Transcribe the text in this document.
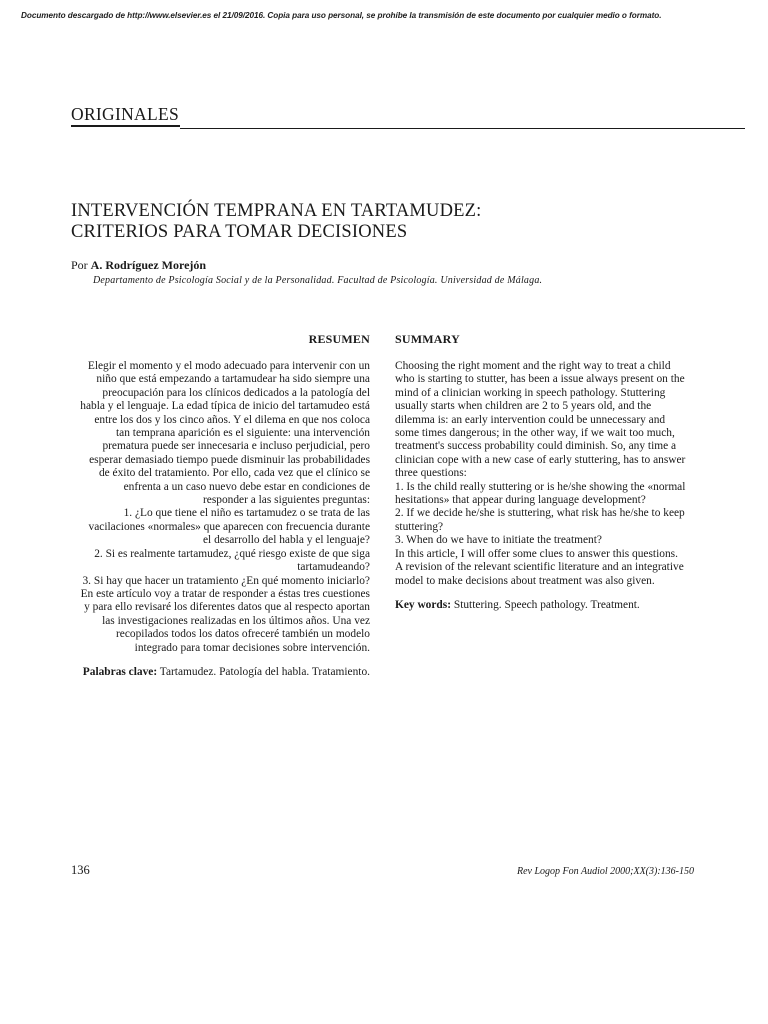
Documento descargado de http://www.elsevier.es el 21/09/2016. Copia para uso personal, se prohíbe la transmisión de este documento por cualquier medio o formato.
ORIGINALES
INTERVENCIÓN TEMPRANA EN TARTAMUDEZ:
CRITERIOS PARA TOMAR DECISIONES
Por A. Rodríguez Morejón
Departamento de Psicología Social y de la Personalidad. Facultad de Psicología. Universidad de Málaga.
RESUMEN SUMMARY
Elegir el momento y el modo adecuado para intervenir con un
niño que está empezando a tartamudear ha sido siempre una
preocupación para los clínicos dedicados a la patología del
habla y el lenguaje. La edad típica de inicio del tartamudeo está
entre los dos y los cinco años. Y el dilema en que nos coloca
tan temprana aparición es el siguiente: una intervención
prematura puede ser innecesaria e incluso perjudicial, pero
esperar demasiado tiempo puede disminuir las probabilidades
de éxito del tratamiento. Por ello, cada vez que el clínico se
enfrenta a un caso nuevo debe estar en condiciones de
responder a las siguientes preguntas:
1. ¿Lo que tiene el niño es tartamudez o se trata de las
vacilaciones «normales» que aparecen con frecuencia durante
el desarrollo del habla y el lenguaje?
2. Si es realmente tartamudez, ¿qué riesgo existe de que siga
tartamudeando?
3. Si hay que hacer un tratamiento ¿En qué momento iniciarlo?
En este artículo voy a tratar de responder a éstas tres cuestiones
y para ello revisaré los diferentes datos que al respecto aportan
las investigaciones realizadas en los últimos años. Una vez
recopilados todos los datos ofreceré también un modelo
integrado para tomar decisiones sobre intervención.
Palabras clave: Tartamudez. Patología del habla. Tratamiento.
Choosing the right moment and the right way to treat a child
who is starting to stutter, has been a issue always present on the
mind of a clinician working in speech pathology. Stuttering
usually starts when children are 2 to 5 years old, and the
dilemma is: an early intervention could be unnecessary and
some times dangerous; in the other way, if we wait too much,
treatment's success probability could diminish. So, any time a
clinician cope with a new case of early stuttering, has to answer
three questions:
1. Is the child really stuttering or is he/she showing the «normal
hesitations» that appear during language development?
2. If we decide he/she is stuttering, what risk has he/she to keep
stuttering?
3. When do we have to initiate the treatment?
In this article, I will offer some clues to answer this questions.
A revision of the relevant scientific literature and an integrative
model to make decisions about treatment was also given.
Key words: Stuttering. Speech pathology. Treatment.
136	Rev Logop Fon Audiol 2000;XX(3):136-150
